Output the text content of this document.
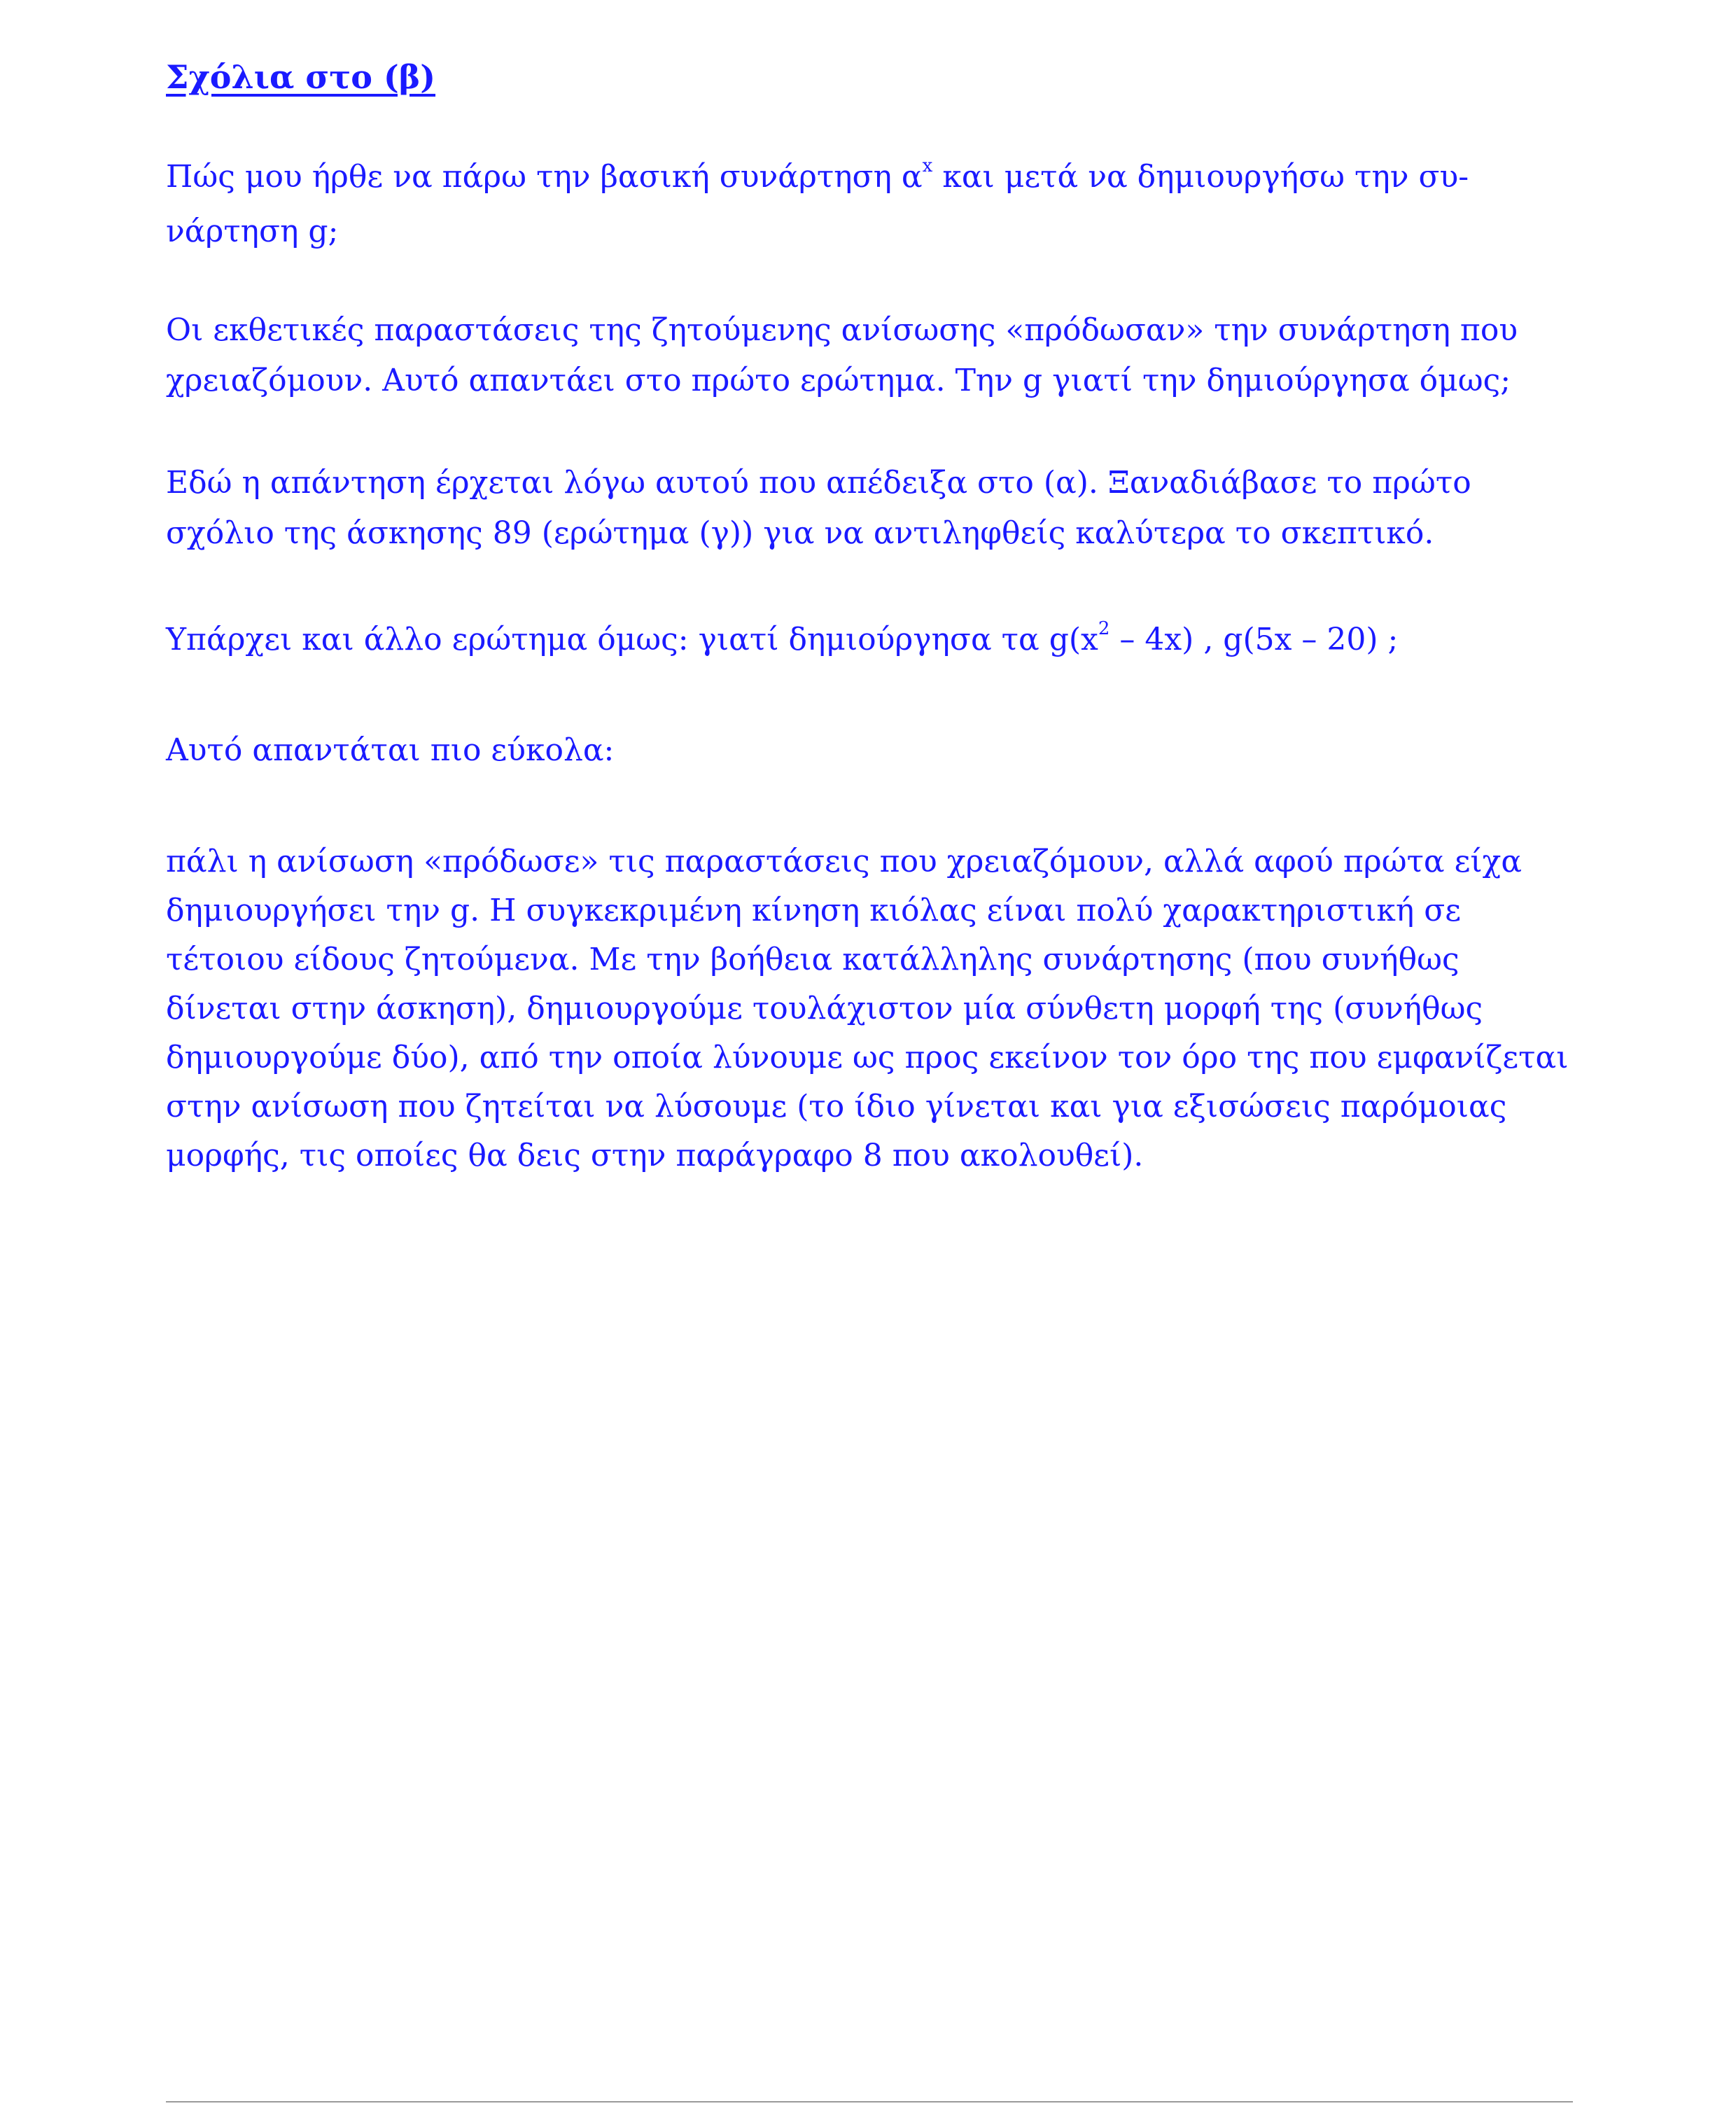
Σχόλια στο (β)

Πώς μου ήρθε να πάρω την βασική συνάρτηση $\alpha^x$ και μετά να δημιουργήσω την συ-
νάρτηση g;

Οι εκθετικές παραστάσεις της ζητούμενης ανίσωσης «πρόδωσαν» την συνάρτηση που χρειαζόμουν. Αυτό απαντάει στο πρώτο ερώτημα. Την g γιατί την δημιούργησα όμως;

Εδώ η απάντηση έρχεται λόγω αυτού που απέδειξα στο (α). Ξαναδιάβασε το πρώτο σχόλιο της άσκησης 89 (ερώτημα (γ)) για να αντιληφθείς καλύτερα το σκεπτικό.

Υπάρχει και άλλο ερώτημα όμως: γιατί δημιούργησα τα $g(x^2 - 4x)$ , g(5x – 20) ;

Αυτό απαντάται πιο εύκολα:

πάλι η ανίσωση «πρόδωσε» τις παραστάσεις που χρειαζόμουν, αλλά αφού πρώτα είχα δημιουργήσει την g. Η συγκεκριμένη κίνηση κιόλας είναι πολύ χαρακτηριστική σε τέτοιου είδους ζητούμενα. Με την βοήθεια κατάλληλης συνάρτησης (που συνήθως δίνεται στην άσκηση), δημιουργούμε τουλάχιστον μία σύνθετη μορφή της (συνήθως δημιουργούμε δύο), από την οποία λύνουμε ως προς εκείνον τον όρο της που εμφανίζεται στην ανίσωση που ζητείται να λύσουμε (το ίδιο γίνεται και για εξισώσεις παρόμοιας μορφής, τις οποίες θα δεις στην παράγραφο 8 που ακολουθεί).
